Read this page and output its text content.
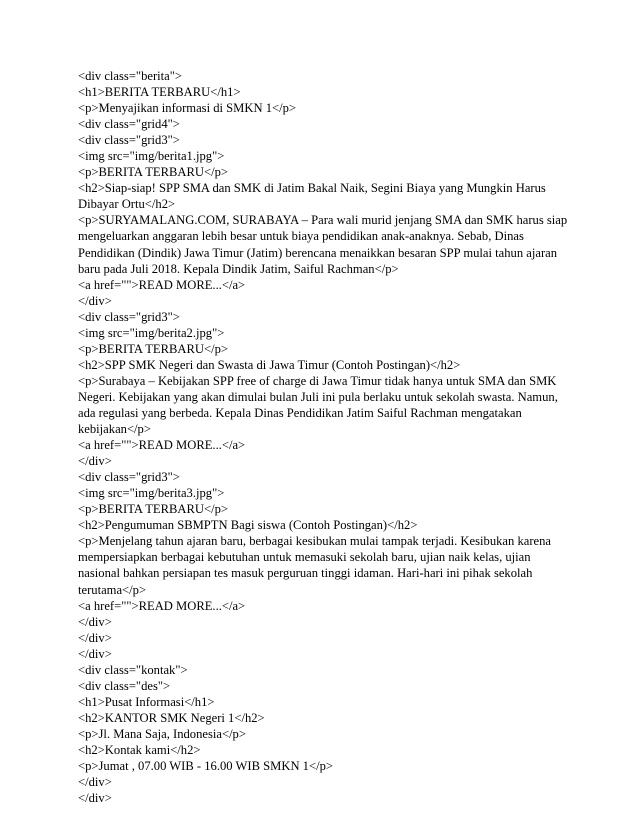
<div class="berita">
<h1>BERITA TERBARU</h1>
<p>Menyajikan informasi di SMKN 1</p>
<div class="grid4">
<div class="grid3">
<img src="img/berita1.jpg">
<p>BERITA TERBARU</p>
<h2>Siap-siap! SPP SMA dan SMK di Jatim Bakal Naik, Segini Biaya yang Mungkin Harus Dibayar Ortu</h2>
<p>SURYAMALANG.COM, SURABAYA – Para wali murid jenjang SMA dan SMK harus siap mengeluarkan anggaran lebih besar untuk biaya pendidikan anak-anaknya. Sebab, Dinas Pendidikan (Dindik) Jawa Timur (Jatim) berencana menaikkan besaran SPP mulai tahun ajaran baru pada Juli 2018. Kepala Dindik Jatim, Saiful Rachman</p>
<a href="">READ MORE...</a>
</div>
<div class="grid3">
<img src="img/berita2.jpg">
<p>BERITA TERBARU</p>
<h2>SPP SMK Negeri dan Swasta di Jawa Timur (Contoh Postingan)</h2>
<p>Surabaya – Kebijakan SPP free of charge di Jawa Timur tidak hanya untuk SMA dan SMK Negeri. Kebijakan yang akan dimulai bulan Juli ini pula berlaku untuk sekolah swasta. Namun, ada regulasi yang berbeda. Kepala Dinas Pendidikan Jatim Saiful Rachman mengatakan kebijakan</p>
<a href="">READ MORE...</a>
</div>
<div class="grid3">
<img src="img/berita3.jpg">
<p>BERITA TERBARU</p>
<h2>Pengumuman SBMPTN Bagi siswa (Contoh Postingan)</h2>
<p>Menjelang tahun ajaran baru, berbagai kesibukan mulai tampak terjadi. Kesibukan karena mempersiapkan berbagai kebutuhan untuk memasuki sekolah baru, ujian naik kelas, ujian nasional bahkan persiapan tes masuk perguruan tinggi idaman. Hari-hari ini pihak sekolah terutama</p>
<a href="">READ MORE...</a>
</div>
</div>
</div>
<div class="kontak">
<div class="des">
<h1>Pusat Informasi</h1>
<h2>KANTOR SMK Negeri 1</h2>
<p>Jl. Mana Saja, Indonesia</p>
<h2>Kontak kami</h2>
<p>Jumat , 07.00 WIB - 16.00 WIB SMKN 1</p>
</div>
</div>
